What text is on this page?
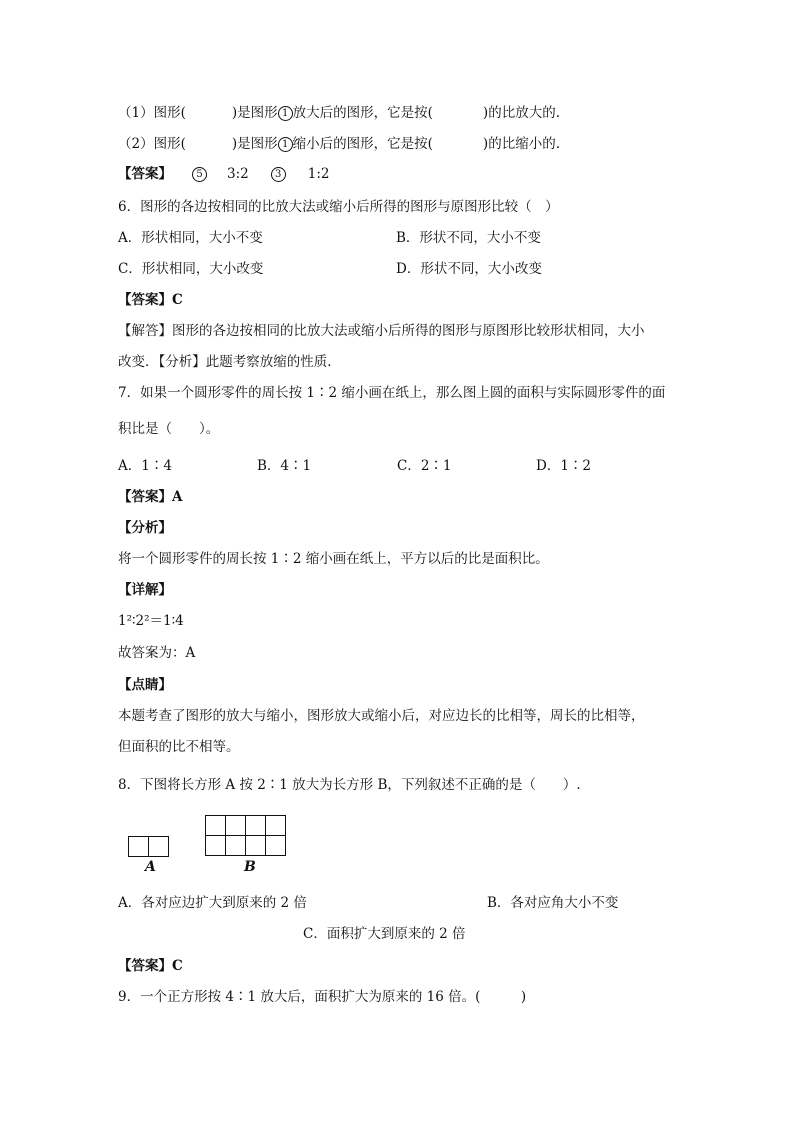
（1）图形(	)是图形 1 放大后的图形，它是按(	)的比放大的.
（2）图形(	)是图形 1 缩小后的图形，它是按(	)的比缩小的.
【答案】 5 3:2	3 1:2
6．图形的各边按相同的比放大法或缩小后所得的图形与原图形比较（　）
A．形状相同，大小不变	B．形状不同，大小不变
C．形状相同，大小改变	D．形状不同，大小改变
【答案】C
【解答】图形的各边按相同的比放大法或缩小后所得的图形与原图形比较形状相同，大小
改变．【分析】此题考察放缩的性质．
7．如果一个圆形零件的周长按 1∶2 缩小画在纸上，那么图上圆的面积与实际圆形零件的面
积比是（　　）。
A．1∶4	B．4∶1	C．2∶1	D．1∶2
【答案】A
【分析】
将一个圆形零件的周长按 1∶2 缩小画在纸上，平方以后的比是面积比。
【详解】
1²∶2²＝1∶4
故答案为：A
【点睛】
本题考查了图形的放大与缩小，图形放大或缩小后，对应边长的比相等，周长的比相等，
但面积的比不相等。
8．下图将长方形 A 按 2∶1 放大为长方形 B，下列叙述不正确的是（　　）.

A

				B
A．各对应边扩大到原来的 2 倍	B．各对应角大小不变
C．面积扩大到原来的 2 倍
【答案】C
9．一个正方形按 4∶1 放大后，面积扩大为原来的 16 倍。(　　　)
